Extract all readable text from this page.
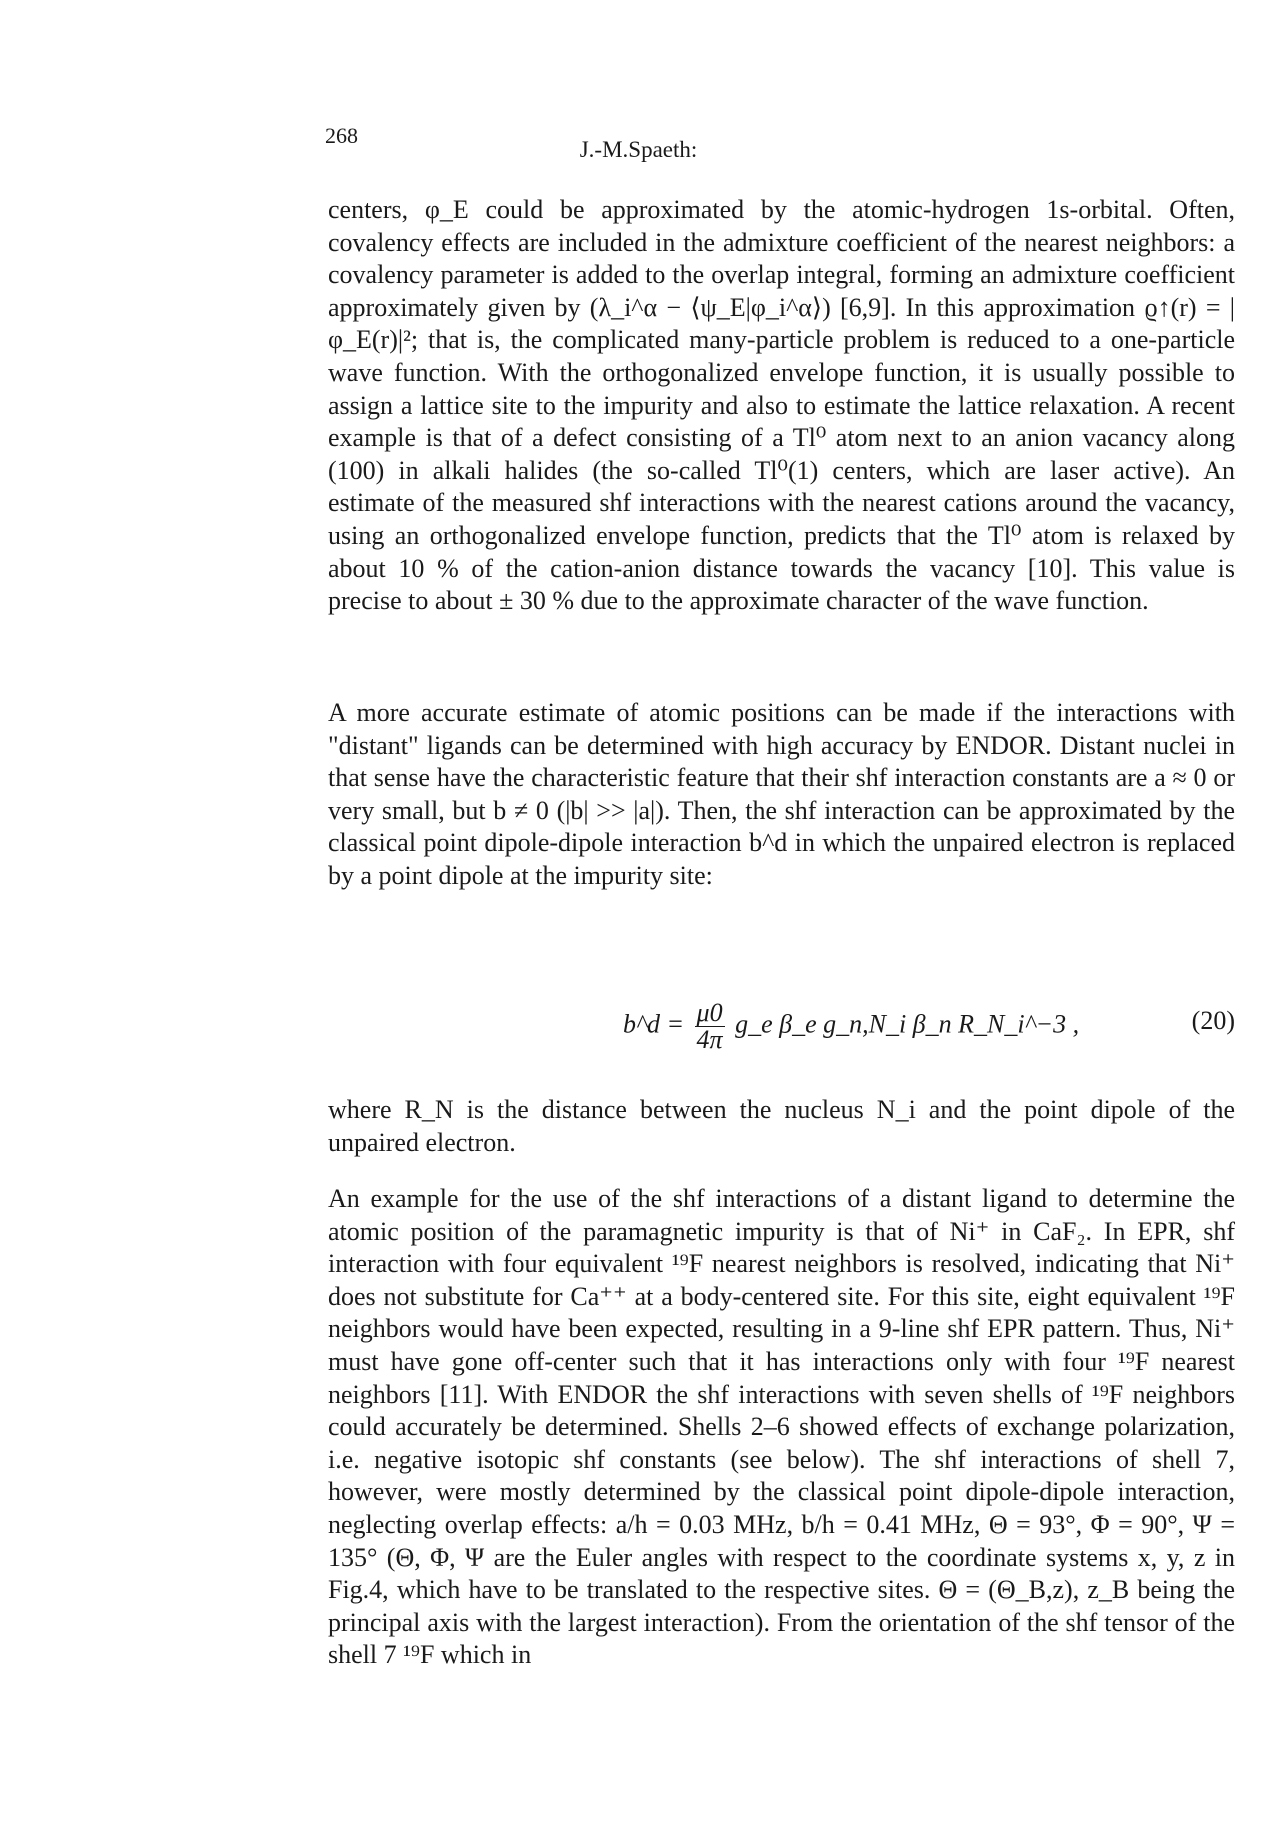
268
J.-M.Spaeth:

centers, φ_E could be approximated by the atomic-hydrogen 1s-orbital. Often, covalency effects are included in the admixture coefficient of the nearest neighbors: a covalency parameter is added to the overlap integral, forming an admixture coefficient approximately given by (λ_i^α − ⟨ψ_E|φ_i^α⟩) [6,9]. In this approximation ϱ↑(r) = |φ_E(r)|²; that is, the complicated many-particle problem is reduced to a one-particle wave function. With the orthogonalized envelope function, it is usually possible to assign a lattice site to the impurity and also to estimate the lattice relaxation. A recent example is that of a defect consisting of a Tl⁰ atom next to an anion vacancy along (100) in alkali halides (the so-called Tl⁰(1) centers, which are laser active). An estimate of the measured shf interactions with the nearest cations around the vacancy, using an orthogonalized envelope function, predicts that the Tl⁰ atom is relaxed by about 10 % of the cation-anion distance towards the vacancy [10]. This value is precise to about ± 30 % due to the approximate character of the wave function.

A more accurate estimate of atomic positions can be made if the interactions with "distant" ligands can be determined with high accuracy by ENDOR. Distant nuclei in that sense have the characteristic feature that their shf interaction constants are a ≈ 0 or very small, but b ≠ 0 (|b| >> |a|). Then, the shf interaction can be approximated by the classical point dipole-dipole interaction b^d in which the unpaired electron is replaced by a point dipole at the impurity site:

b^d = $\frac{\mu 0}{4\pi}$ g_e β_e g_n,N_i β_n R_N_i^−3 ,	(20)

where R_N is the distance between the nucleus N_i and the point dipole of the unpaired electron.

An example for the use of the shf interactions of a distant ligand to determine the atomic position of the paramagnetic impurity is that of Ni⁺ in CaF₂. In EPR, shf interaction with four equivalent ¹⁹F nearest neighbors is resolved, indicating that Ni⁺ does not substitute for Ca⁺⁺ at a body-centered site. For this site, eight equivalent ¹⁹F neighbors would have been expected, resulting in a 9-line shf EPR pattern. Thus, Ni⁺ must have gone off-center such that it has interactions only with four ¹⁹F nearest neighbors [11]. With ENDOR the shf interactions with seven shells of ¹⁹F neighbors could accurately be determined. Shells 2–6 showed effects of exchange polarization, i.e. negative isotopic shf constants (see below). The shf interactions of shell 7, however, were mostly determined by the classical point dipole-dipole interaction, neglecting overlap effects: a/h = 0.03 MHz, b/h = 0.41 MHz, Θ = 93°, Φ = 90°, Ψ = 135° (Θ, Φ, Ψ are the Euler angles with respect to the coordinate systems x, y, z in Fig.4, which have to be translated to the respective sites. Θ = (Θ_B,z), z_B being the principal axis with the largest interaction). From the orientation of the shf tensor of the shell 7 ¹⁹F which in
